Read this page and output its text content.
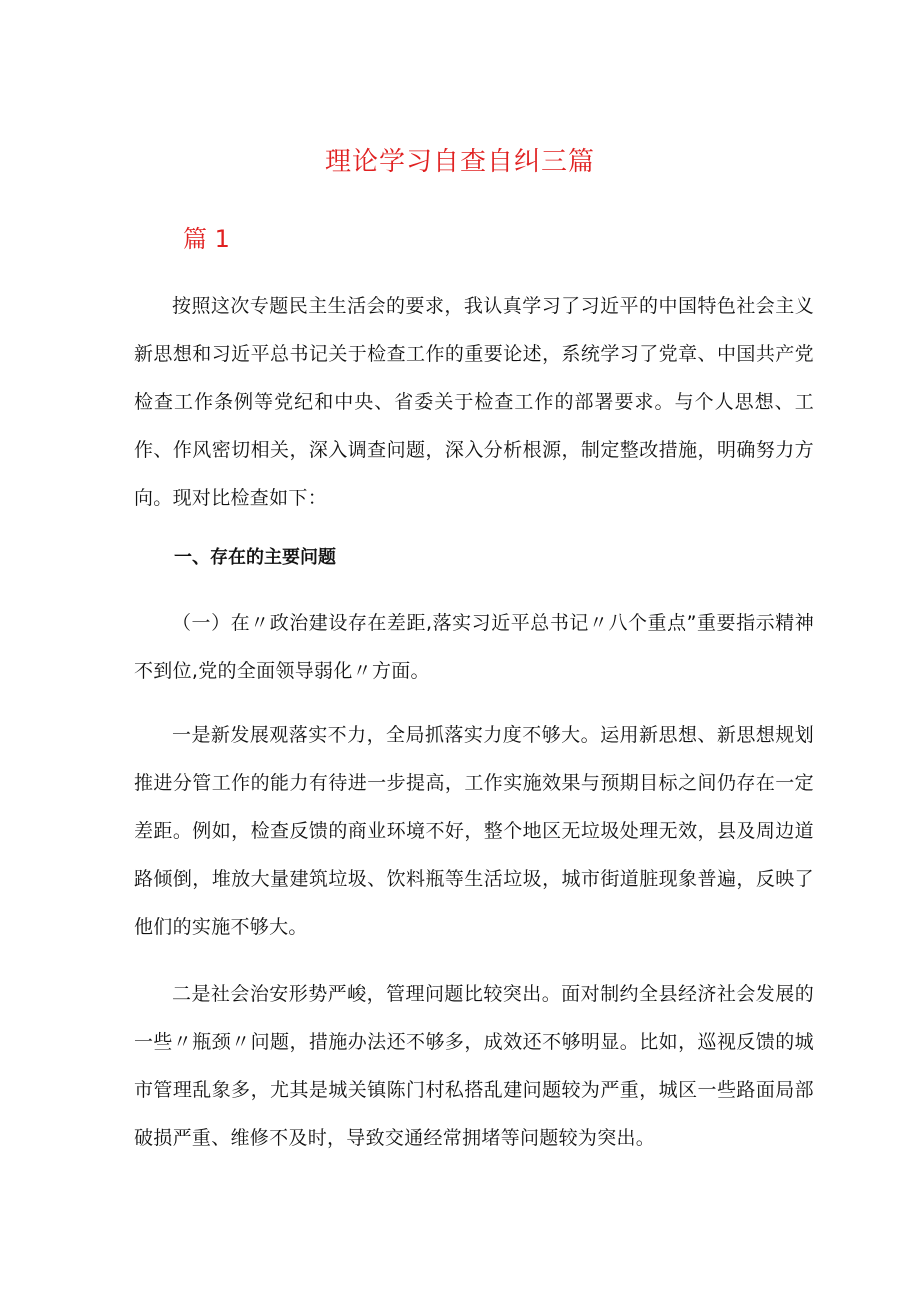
理论学习自查自纠三篇
篇 1

按照这次专题民主生活会的要求，我认真学习了习近平的中国特色社会主义新思想和习近平总书记关于检查工作的重要论述，系统学习了党章、中国共产党检查工作条例等党纪和中央、省委关于检查工作的部署要求。与个人思想、工作、作风密切相关，深入调查问题，深入分析根源，制定整改措施，明确努力方向。现对比检查如下：

一、存在的主要问题

（一）在〃政治建设存在差距,落实习近平总书记〃八个重点”重要指示精神不到位,党的全面领导弱化〃方面。

一是新发展观落实不力，全局抓落实力度不够大。运用新思想、新思想规划推进分管工作的能力有待进一步提高，工作实施效果与预期目标之间仍存在一定差距。例如，检查反馈的商业环境不好，整个地区无垃圾处理无效，县及周边道路倾倒，堆放大量建筑垃圾、饮料瓶等生活垃圾，城市街道脏现象普遍，反映了他们的实施不够大。

二是社会治安形势严峻，管理问题比较突出。面对制约全县经济社会发展的一些〃瓶颈〃问题，措施办法还不够多，成效还不够明显。比如，巡视反馈的城市管理乱象多，尤其是城关镇陈门村私搭乱建问题较为严重，城区一些路面局部破损严重、维修不及时，导致交通经常拥堵等问题较为突出。
